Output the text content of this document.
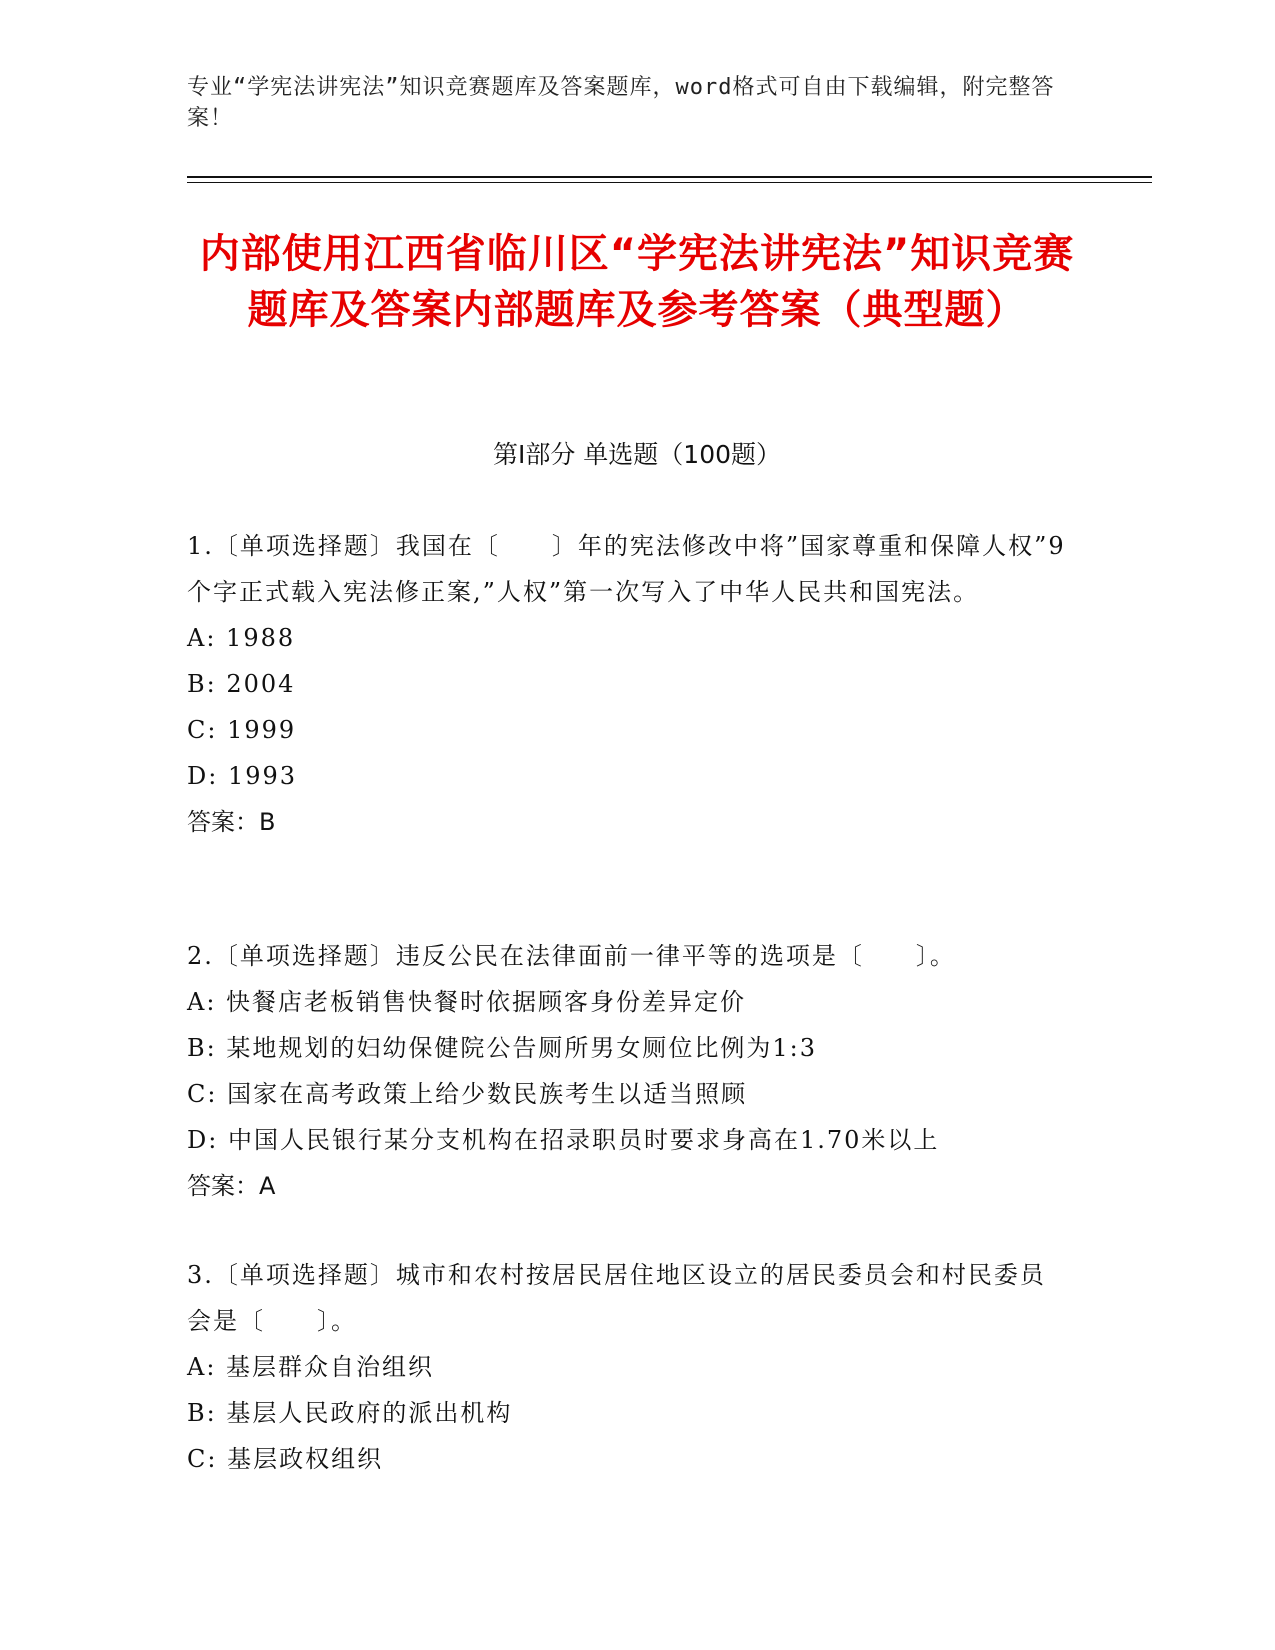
专业“学宪法讲宪法”知识竞赛题库及答案题库，word格式可自由下载编辑，附完整答案！
内部使用江西省临川区“学宪法讲宪法”知识竞赛题库及答案内部题库及参考答案（典型题）
第Ⅰ部分 单选题（100题）

1.〔单项选择题〕我国在〔　　〕年的宪法修改中将”国家尊重和保障人权”9个字正式载入宪法修正案,”人权”第一次写入了中华人民共和国宪法。

A: 1988

B: 2004

C: 1999

D: 1993

答案：B

2.〔单项选择题〕违反公民在法律面前一律平等的选项是〔　　〕。

A: 快餐店老板销售快餐时依据顾客身份差异定价

B: 某地规划的妇幼保健院公告厕所男女厕位比例为1:3

C: 国家在高考政策上给少数民族考生以适当照顾

D: 中国人民银行某分支机构在招录职员时要求身高在1.70米以上

答案：A

3.〔单项选择题〕城市和农村按居民居住地区设立的居民委员会和村民委员会是〔　　〕。

A: 基层群众自治组织

B: 基层人民政府的派出机构

C: 基层政权组织
